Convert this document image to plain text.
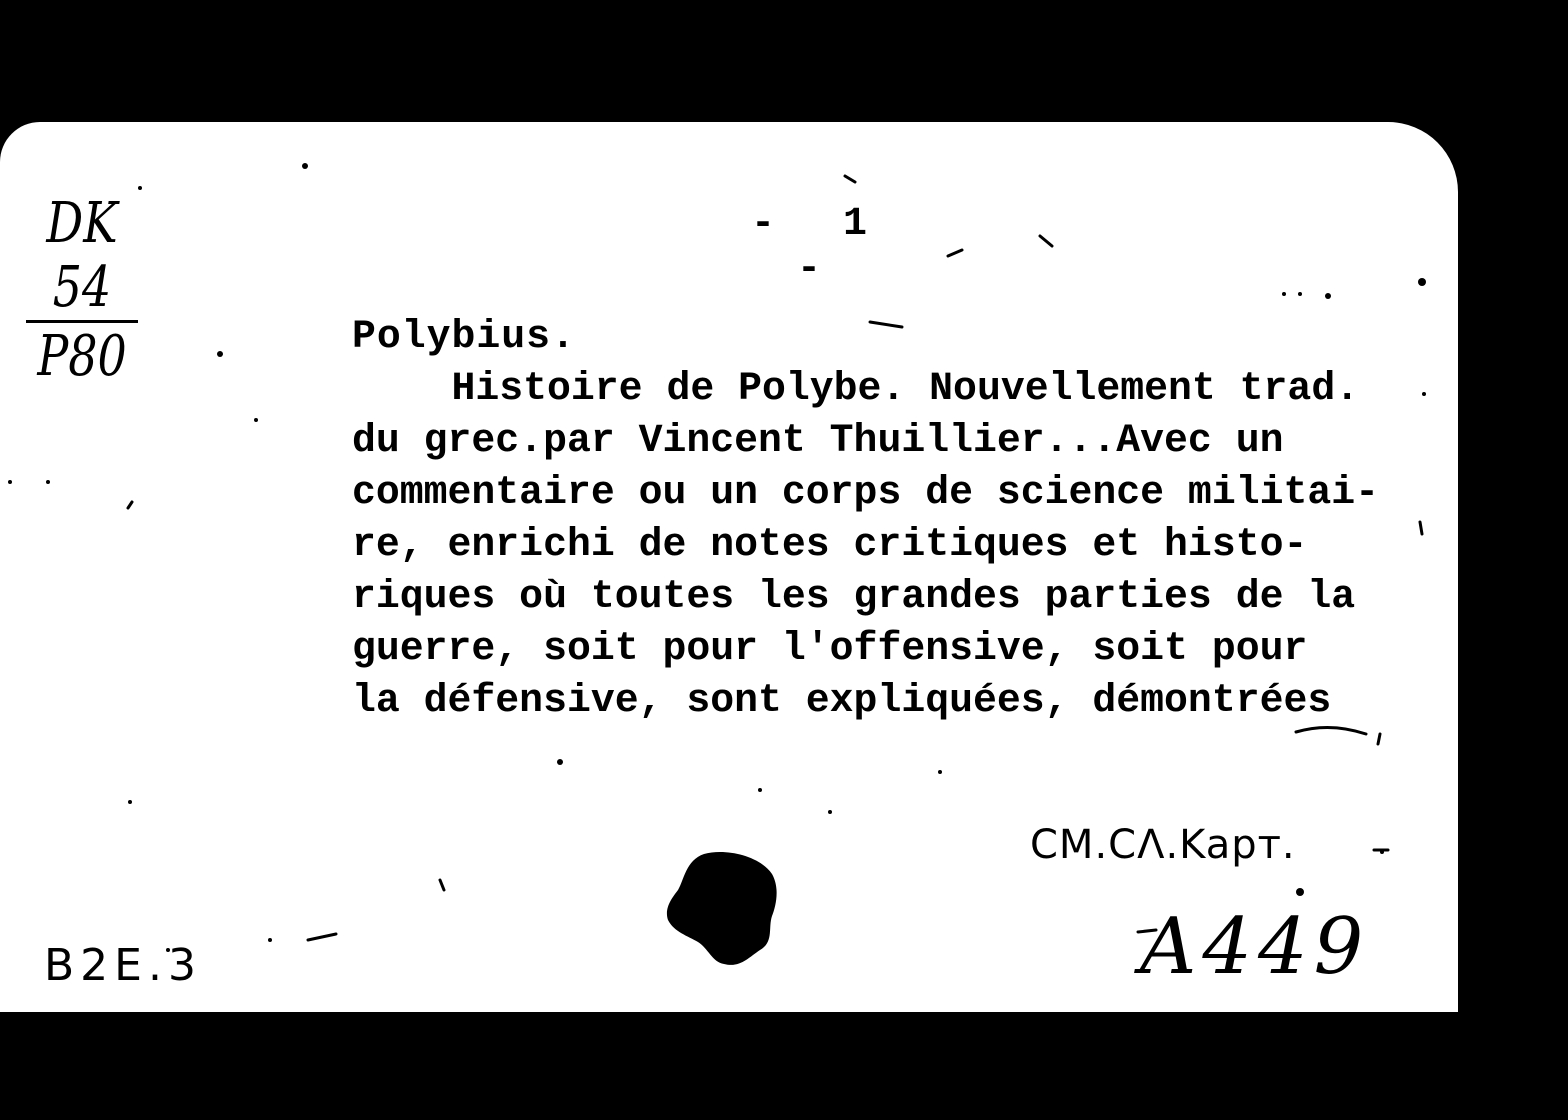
DK
54
P80
- 1 -
Polybius.
Histoire de Polybe. Nouvellement trad.
du grec.par Vincent Thuillier...Avec un
commentaire ou un corps de science militai-
re, enrichi de notes critiques et histo-
riques où toutes les grandes parties de la
guerre, soit pour l'offensive, soit pour
la défensive, sont expliquées, démontrées
CM.CΛ.Kapт.
A449
B2E.3
